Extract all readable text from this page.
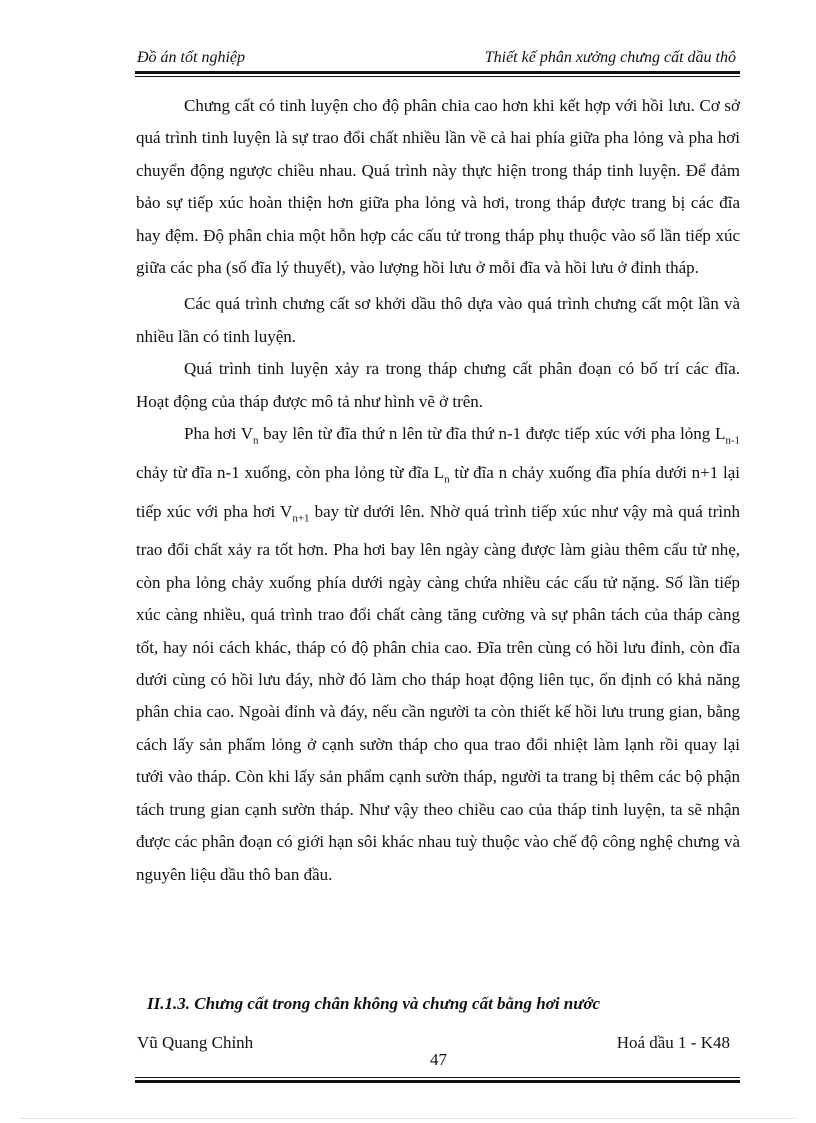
Đồ án tốt nghiệp	Thiết kế phân xưởng chưng cất dầu thô

Chưng cất có tinh luyện cho độ phân chia cao hơn khi kết hợp với hồi lưu. Cơ sở quá trình tinh luyện là sự trao đổi chất nhiều lần về cả hai phía giữa pha lỏng và pha hơi chuyển động ngược chiều nhau. Quá trình này thực hiện trong tháp tinh luyện. Để đảm bảo sự tiếp xúc hoàn thiện hơn giữa pha lỏng và hơi, trong tháp được trang bị các đĩa hay đệm. Độ phân chia một hỗn hợp các cấu tử trong tháp phụ thuộc vào số lần tiếp xúc giữa các pha (số đĩa lý thuyết), vào lượng hồi lưu ở mỗi đĩa và hồi lưu ở đỉnh tháp.

Các quá trình chưng cất sơ khởi dầu thô dựa vào quá trình chưng cất một lần và nhiều lần có tinh luyện.

Quá trình tinh luyện xảy ra trong tháp chưng cất phân đoạn có bố trí các đĩa. Hoạt động của tháp được mô tả như hình vẽ ở trên.

Pha hơi $V_n$ bay lên từ đĩa thứ n lên từ đĩa thứ n-1 được tiếp xúc với pha lỏng $L_{n-1}$ chảy từ đĩa n-1 xuống, còn pha lỏng từ đĩa $L_n$ từ đĩa n chảy xuống đĩa phía dưới n+1 lại tiếp xúc với pha hơi $V_{n+1}$ bay từ dưới lên. Nhờ quá trình tiếp xúc như vậy mà quá trình trao đổi chất xảy ra tốt hơn. Pha hơi bay lên ngày càng được làm giàu thêm cấu tử nhẹ, còn pha lỏng chảy xuống phía dưới ngày càng chứa nhiều các cấu tử nặng. Số lần tiếp xúc càng nhiều, quá trình trao đổi chất càng tăng cường và sự phân tách của tháp càng tốt, hay nói cách khác, tháp có độ phân chia cao. Đĩa trên cùng có hồi lưu đỉnh, còn đĩa dưới cùng có hồi lưu đáy, nhờ đó làm cho tháp hoạt động liên tục, ổn định có khả năng phân chia cao. Ngoài đỉnh và đáy, nếu cần người ta còn thiết kế hồi lưu trung gian, bằng cách lấy sản phẩm lỏng ở cạnh sườn tháp cho qua trao đổi nhiệt làm lạnh rồi quay lại tưới vào tháp. Còn khi lấy sản phẩm cạnh sườn tháp, người ta trang bị thêm các bộ phận tách trung gian cạnh sườn tháp. Như vậy theo chiều cao của tháp tinh luyện, ta sẽ nhận được các phân đoạn có giới hạn sôi khác nhau tuỳ thuộc vào chế độ công nghệ chưng và nguyên liệu dầu thô ban đầu.

II.1.3. Chưng cất trong chân không và chưng cất bằng hơi nước
Vũ Quang Chỉnh	Hoá dầu 1 - K48
47
